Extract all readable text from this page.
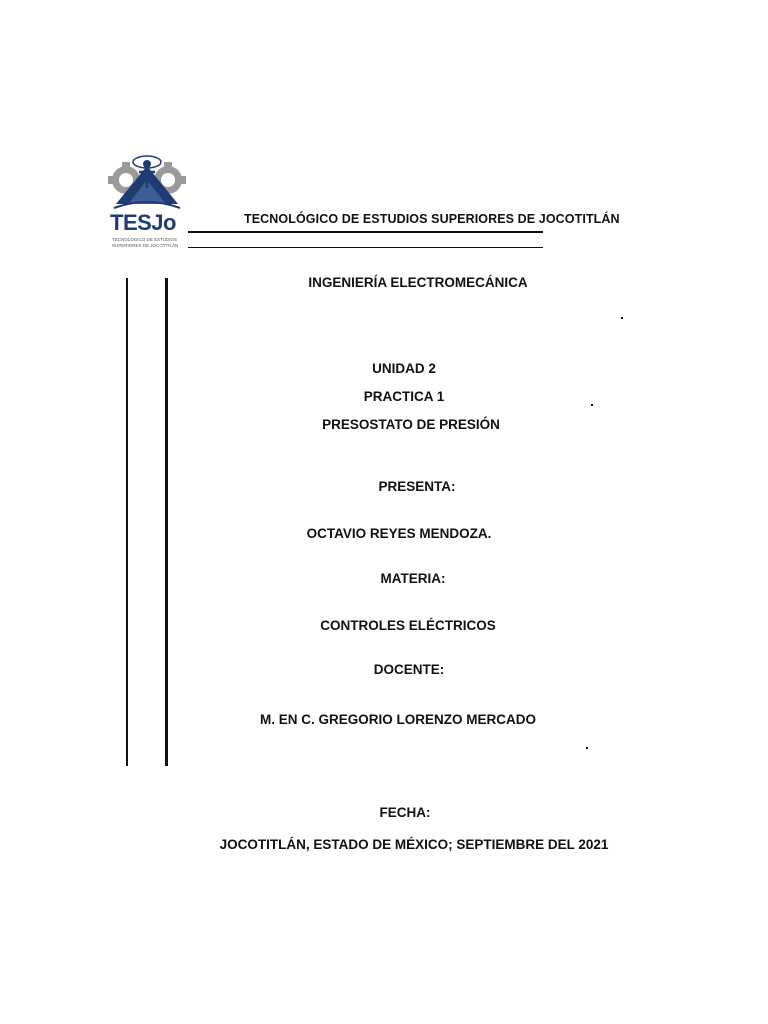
TESJo
TECNOLÓGICO DE ESTUDIOS
SUPERIORES DE JOCOTITLÁN
TECNOLÓGICO DE ESTUDIOS SUPERIORES DE JOCOTITLÁN
INGENIERÍA ELECTROMECÁNICA
UNIDAD 2
PRACTICA 1
PRESOSTATO DE PRESIÓN
PRESENTA:
OCTAVIO REYES MENDOZA.
MATERIA:
CONTROLES ELÉCTRICOS
DOCENTE:
M. EN C. GREGORIO LORENZO MERCADO
FECHA:
JOCOTITLÁN, ESTADO DE MÉXICO; SEPTIEMBRE DEL 2021
